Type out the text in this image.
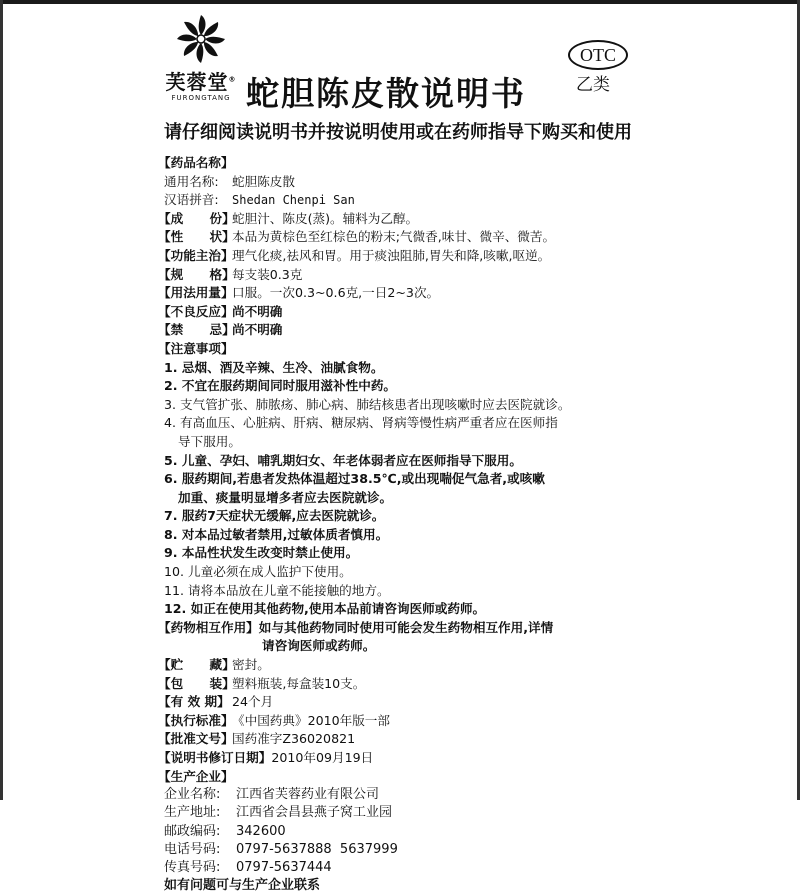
芙蓉堂®
FURONGTANG
OTC
乙类
蛇胆陈皮散说明书
请仔细阅读说明书并按说明使用或在药师指导下购买和使用
【药品名称】
通用名称: 蛇胆陈皮散
汉语拼音: Shedan Chenpi San
【成      份】蛇胆汁、陈皮(蒸)。辅料为乙醇。
【性      状】本品为黄棕色至红棕色的粉末;气微香,味甘、微辛、微苦。
【功能主治】理气化痰,祛风和胃。用于痰浊阻肺,胃失和降,咳嗽,呕逆。
【规      格】每支装0.3克
【用法用量】口服。一次0.3~0.6克,一日2~3次。
【不良反应】尚不明确
【禁      忌】尚不明确
【注意事项】
1. 忌烟、酒及辛辣、生冷、油腻食物。
2. 不宜在服药期间同时服用滋补性中药。
3. 支气管扩张、肺脓疡、肺心病、肺结核患者出现咳嗽时应去医院就诊。
4. 有高血压、心脏病、肝病、糖尿病、肾病等慢性病严重者应在医师指
导下服用。
5. 儿童、孕妇、哺乳期妇女、年老体弱者应在医师指导下服用。
6. 服药期间,若患者发热体温超过38.5℃,或出现喘促气急者,或咳嗽
加重、痰量明显增多者应去医院就诊。
7. 服药7天症状无缓解,应去医院就诊。
8. 对本品过敏者禁用,过敏体质者慎用。
9. 本品性状发生改变时禁止使用。
10. 儿童必须在成人监护下使用。
11. 请将本品放在儿童不能接触的地方。
12. 如正在使用其他药物,使用本品前请咨询医师或药师。
【药物相互作用】如与其他药物同时使用可能会发生药物相互作用,详情
请咨询医师或药师。
【贮      藏】密封。
【包      装】塑料瓶装,每盒装10支。
【有 效 期】 24个月
【执行标准】《中国药典》2010年版一部
【批准文号】国药准字Z36020821
【说明书修订日期】2010年09月19日
【生产企业】
企业名称: 江西省芙蓉药业有限公司
生产地址: 江西省会昌县燕子窝工业园
邮政编码: 342600
电话号码: 0797-5637888  5637999
传真号码: 0797-5637444
如有问题可与生产企业联系
